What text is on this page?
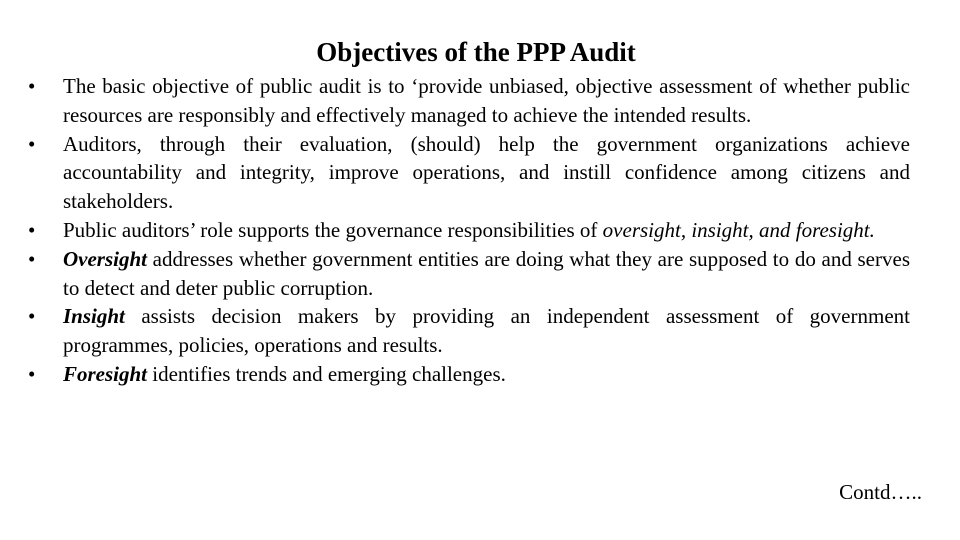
Objectives of the PPP Audit
•	The basic objective of public audit is to ‘provide unbiased, objective assessment of whether public resources are responsibly and effectively managed to achieve the intended results.
•	Auditors, through their evaluation, (should) help the government organizations achieve accountability and integrity, improve operations, and instill confidence among citizens and stakeholders.
•	Public auditors’ role supports the governance responsibilities of oversight, insight, and foresight.
•	Oversight addresses whether government entities are doing what they are supposed to do and serves to detect and deter public corruption.
•	Insight assists decision makers by providing an independent assessment of government programmes, policies, operations and results.
•	Foresight identifies trends and emerging challenges.
Contd…..
